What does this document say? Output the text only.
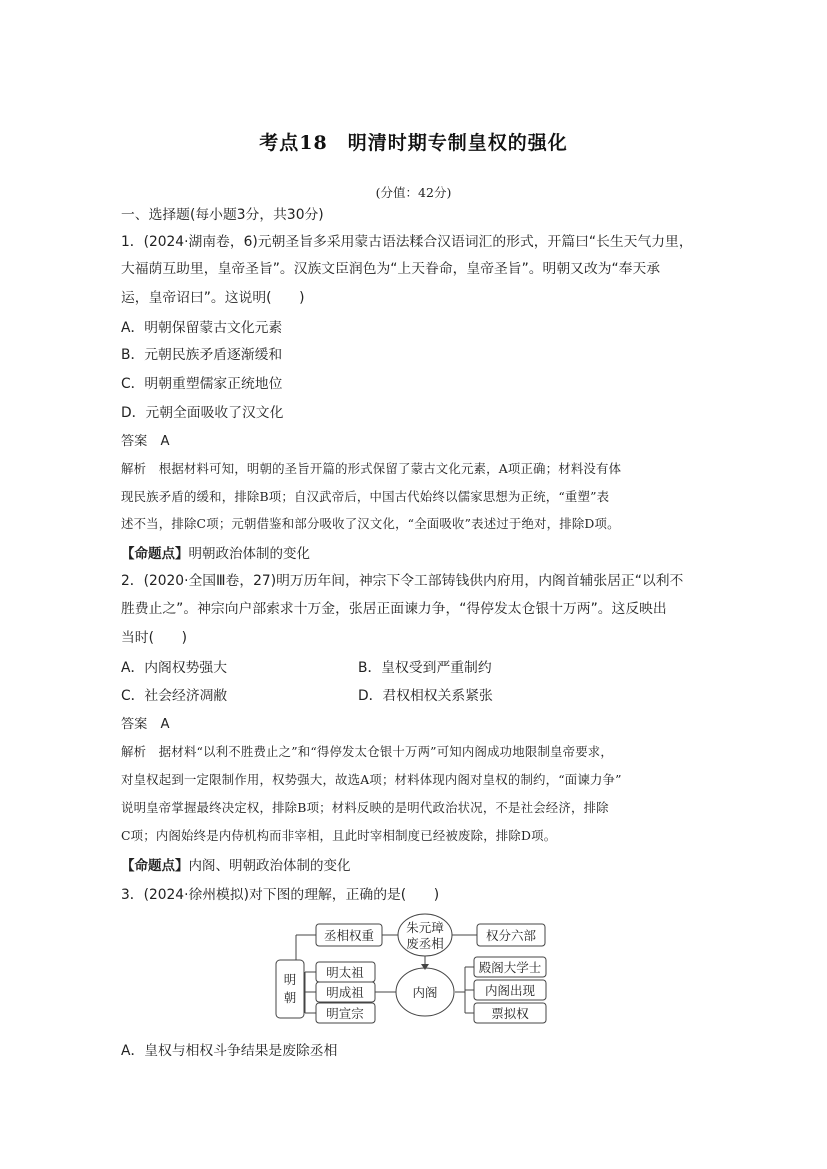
考点18　明清时期专制皇权的强化
(分值：42分)
一、选择题(每小题3分，共30分)
1．(2024·湖南卷，6)元朝圣旨多采用蒙古语法糅合汉语词汇的形式，开篇曰“长生天气力里，
大福荫互助里，皇帝圣旨”。汉族文臣润色为“上天眷命，皇帝圣旨”。明朝又改为“奉天承
运，皇帝诏曰”。这说明(　　)
A．明朝保留蒙古文化元素
B．元朝民族矛盾逐渐缓和
C．明朝重塑儒家正统地位
D．元朝全面吸收了汉文化
答案　A
解析　根据材料可知，明朝的圣旨开篇的形式保留了蒙古文化元素，A项正确；材料没有体
现民族矛盾的缓和，排除B项；自汉武帝后，中国古代始终以儒家思想为正统，“重塑”表
述不当，排除C项；元朝借鉴和部分吸收了汉文化，“全面吸收”表述过于绝对，排除D项。
【命题点】明朝政治体制的变化
2．(2020·全国Ⅲ卷，27)明万历年间，神宗下令工部铸钱供内府用，内阁首辅张居正“以利不
胜费止之”。神宗向户部索求十万金，张居正面谏力争，“得停发太仓银十万两”。这反映出
当时(　　)
A．内阁权势强大	B．皇权受到严重制约
C．社会经济凋敝	D．君权相权关系紧张
答案　A
解析　据材料“以利不胜费止之”和“得停发太仓银十万两”可知内阁成功地限制皇帝要求，
对皇权起到一定限制作用，权势强大，故选A项；材料体现内阁对皇权的制约，“面谏力争”
说明皇帝掌握最终决定权，排除B项；材料反映的是明代政治状况，不是社会经济，排除
C项；内阁始终是内侍机构而非宰相，且此时宰相制度已经被废除，排除D项。
【命题点】内阁、明朝政治体制的变化
3．(2024·徐州模拟)对下图的理解，正确的是(　　)
丞相权重
朱元璋
废丞相
权分六部
明
朝
明太祖
明成祖
明宣宗
内阁
殿阁大学士
内阁出现
票拟权
A．皇权与相权斗争结果是废除丞相
